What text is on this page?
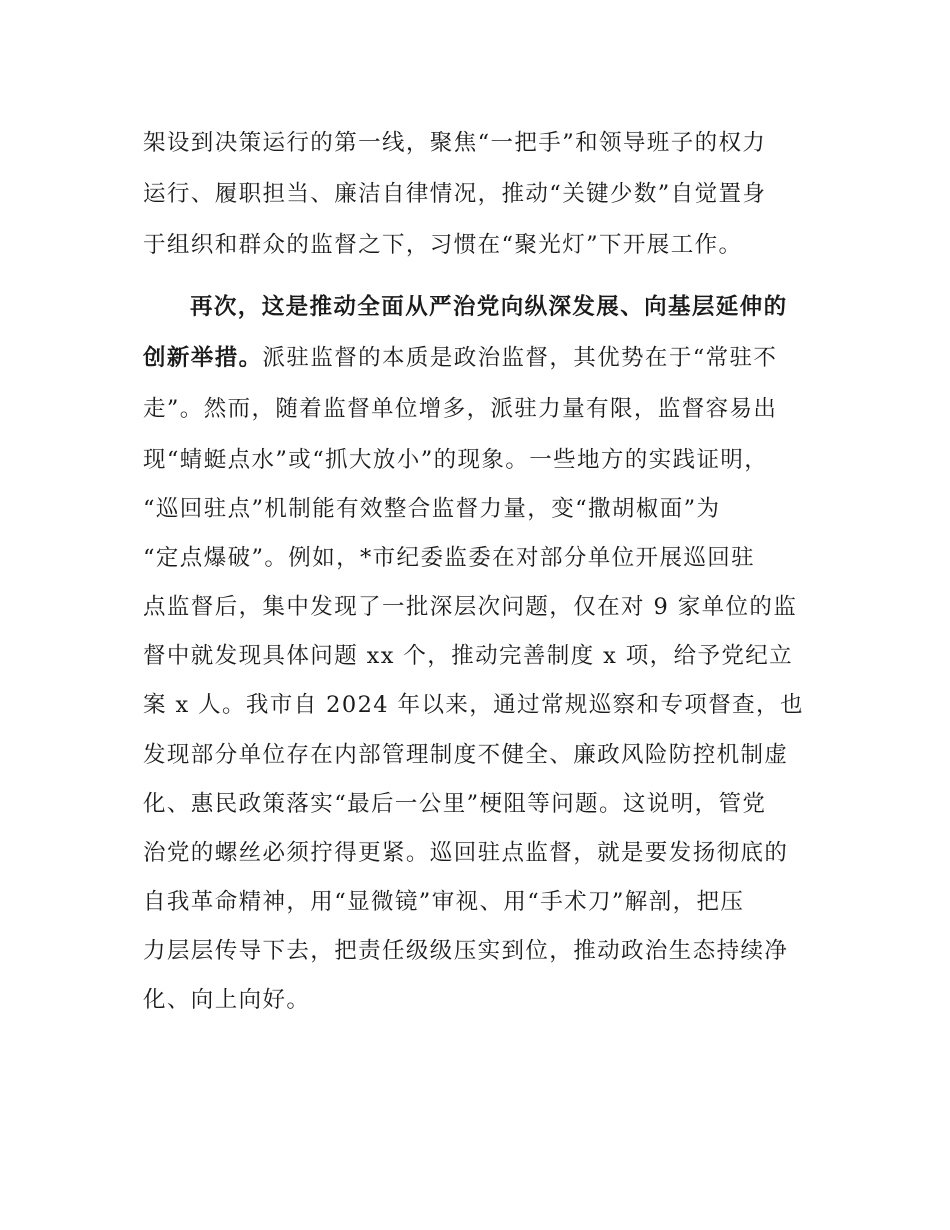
架设到决策运行的第一线，聚焦“一把手”和领导班子的权力
运行、履职担当、廉洁自律情况，推动“关键少数”自觉置身
于组织和群众的监督之下，习惯在“聚光灯”下开展工作。
再次，这是推动全面从严治党向纵深发展、向基层延伸的
创新举措。派驻监督的本质是政治监督，其优势在于“常驻不
走”。然而，随着监督单位增多，派驻力量有限，监督容易出
现“蜻蜓点水”或“抓大放小”的现象。一些地方的实践证明，
“巡回驻点”机制能有效整合监督力量，变“撒胡椒面”为
“定点爆破”。例如，*市纪委监委在对部分单位开展巡回驻
点监督后，集中发现了一批深层次问题，仅在对 9 家单位的监
督中就发现具体问题 xx 个，推动完善制度 x 项，给予党纪立
案 x 人。我市自 2024 年以来，通过常规巡察和专项督查，也
发现部分单位存在内部管理制度不健全、廉政风险防控机制虚
化、惠民政策落实“最后一公里”梗阻等问题。这说明，管党
治党的螺丝必须拧得更紧。巡回驻点监督，就是要发扬彻底的
自我革命精神，用“显微镜”审视、用“手术刀”解剖，把压
力层层传导下去，把责任级级压实到位，推动政治生态持续净
化、向上向好。
